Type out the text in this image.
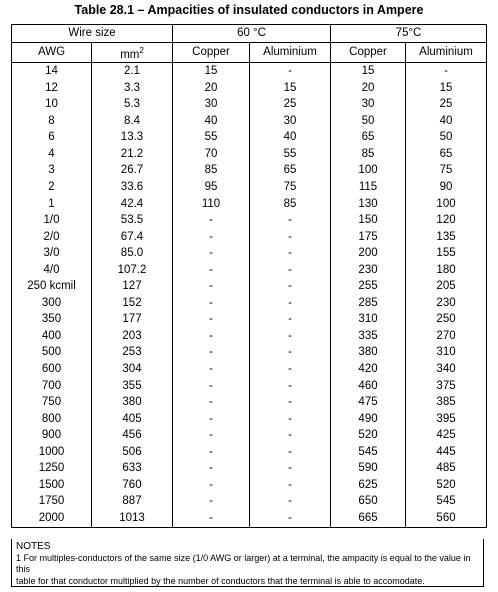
Table 28.1 – Ampacities of insulated conductors in Ampere
Wire size		60 °C		75°C	
AWG	$mm^2$	Copper	Aluminium	Copper	Aluminium
14	2.1	15	-	15	-
12	3.3	20	15	20	15
10	5.3	30	25	30	25
8	8.4	40	30	50	40
6	13.3	55	40	65	50
4	21.2	70	55	85	65
3	26.7	85	65	100	75
2	33.6	95	75	115	90
1	42.4	110	85	130	100
1/0	53.5	-	-	150	120
2/0	67.4	-	-	175	135
3/0	85.0	-	-	200	155
4/0	107.2	-	-	230	180
250 kcmil	127	-	-	255	205
300	152	-	-	285	230
350	177	-	-	310	250
400	203	-	-	335	270
500	253	-	-	380	310
600	304	-	-	420	340
700	355	-	-	460	375
750	380	-	-	475	385
800	405	-	-	490	395
900	456	-	-	520	425
1000	506	-	-	545	445
1250	633	-	-	590	485
1500	760	-	-	625	520
1750	887	-	-	650	545
2000	1013	-	-	665	560
NOTES
1 For multiples-conductors of the same size (1/0 AWG or larger) at a terminal, the ampacity is equal to the value in this
table for that conductor multiplied by the number of conductors that the terminal is able to accomodate.
